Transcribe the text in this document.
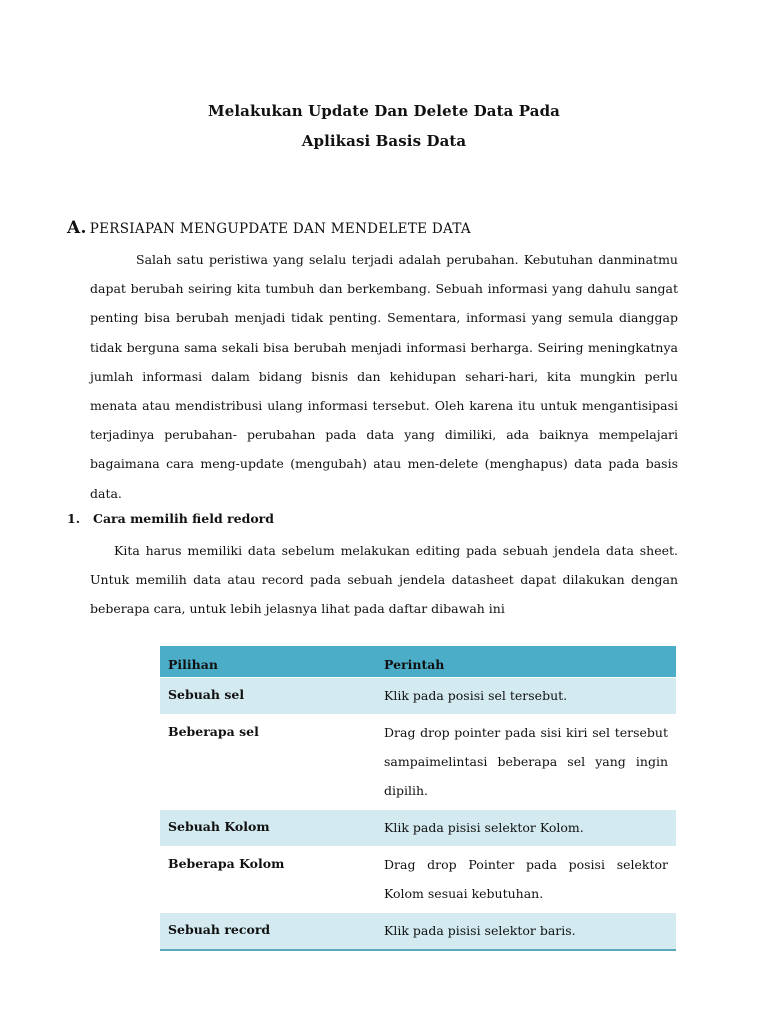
Melakukan Update Dan Delete Data Pada
Aplikasi Basis Data
A. PERSIAPAN MENGUPDATE DAN MENDELETE DATA

Salah satu peristiwa yang selalu terjadi adalah perubahan. Kebutuhan danminatmu dapat berubah seiring kita tumbuh dan berkembang. Sebuah informasi yang dahulu sangat penting bisa berubah menjadi tidak penting. Sementara, informasi yang semula dianggap tidak berguna sama sekali bisa berubah menjadi informasi berharga. Seiring meningkatnya jumlah informasi dalam bidang bisnis dan kehidupan sehari-hari, kita mungkin perlu menata atau mendistribusi ulang informasi tersebut. Oleh karena itu untuk mengantisipasi terjadinya perubahan- perubahan pada data yang dimiliki, ada baiknya mempelajari bagaimana cara meng-update (mengubah) atau men-delete (menghapus) data pada basis data.

1. Cara memilih field redord

Kita harus memiliki data sebelum melakukan editing pada sebuah jendela data sheet. Untuk memilih data atau record pada sebuah jendela datasheet dapat dilakukan dengan beberapa cara, untuk lebih jelasnya lihat pada daftar dibawah ini

Pilihan	Perintah
Sebuah sel	Klik pada posisi sel tersebut.
Beberapa sel	Drag drop pointer pada sisi kiri sel tersebut sampaimelintasi beberapa sel yang ingin dipilih.
Sebuah Kolom	Klik pada pisisi selektor Kolom.
Beberapa Kolom	Drag drop Pointer pada posisi selektor Kolom sesuai kebutuhan.
Sebuah record	Klik pada pisisi selektor baris.
